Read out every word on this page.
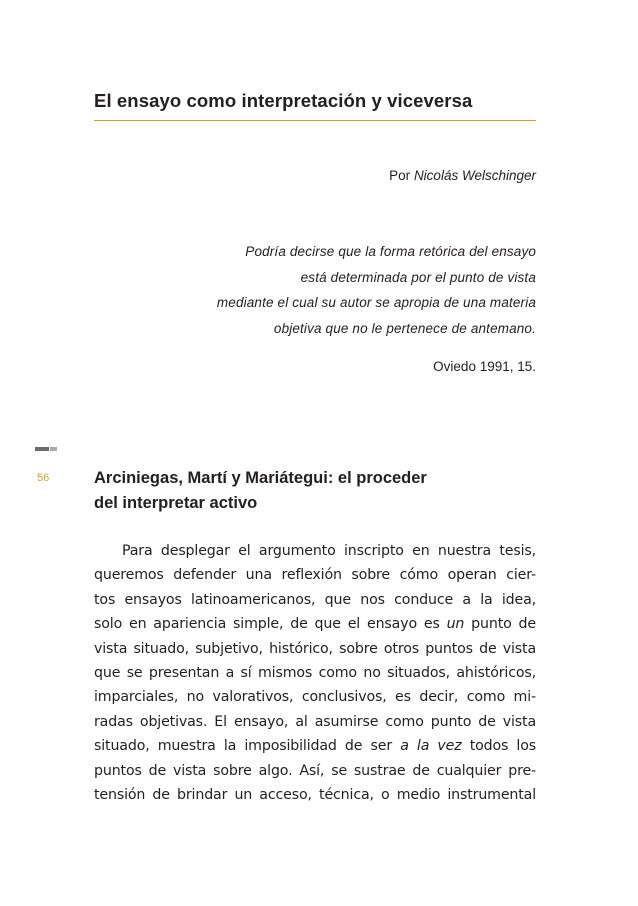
El ensayo como interpretación y viceversa
Por Nicolás Welschinger
Podría decirse que la forma retórica del ensayo
está determinada por el punto de vista
mediante el cual su autor se apropia de una materia
objetiva que no le pertenece de antemano.
Oviedo 1991, 15.
56	Arciniegas, Martí y Mariátegui: el proceder
del interpretar activo
Para desplegar el argumento inscripto en nuestra tesis,
queremos defender una reflexión sobre cómo operan cier-
tos ensayos latinoamericanos, que nos conduce a la idea,
solo en apariencia simple, de que el ensayo es un punto de
vista situado, subjetivo, histórico, sobre otros puntos de vista
que se presentan a sí mismos como no situados, ahistóricos,
imparciales, no valorativos, conclusivos, es decir, como mi-
radas objetivas. El ensayo, al asumirse como punto de vista
situado, muestra la imposibilidad de ser a la vez todos los
puntos de vista sobre algo. Así, se sustrae de cualquier pre-
tensión de brindar un acceso, técnica, o medio instrumental
